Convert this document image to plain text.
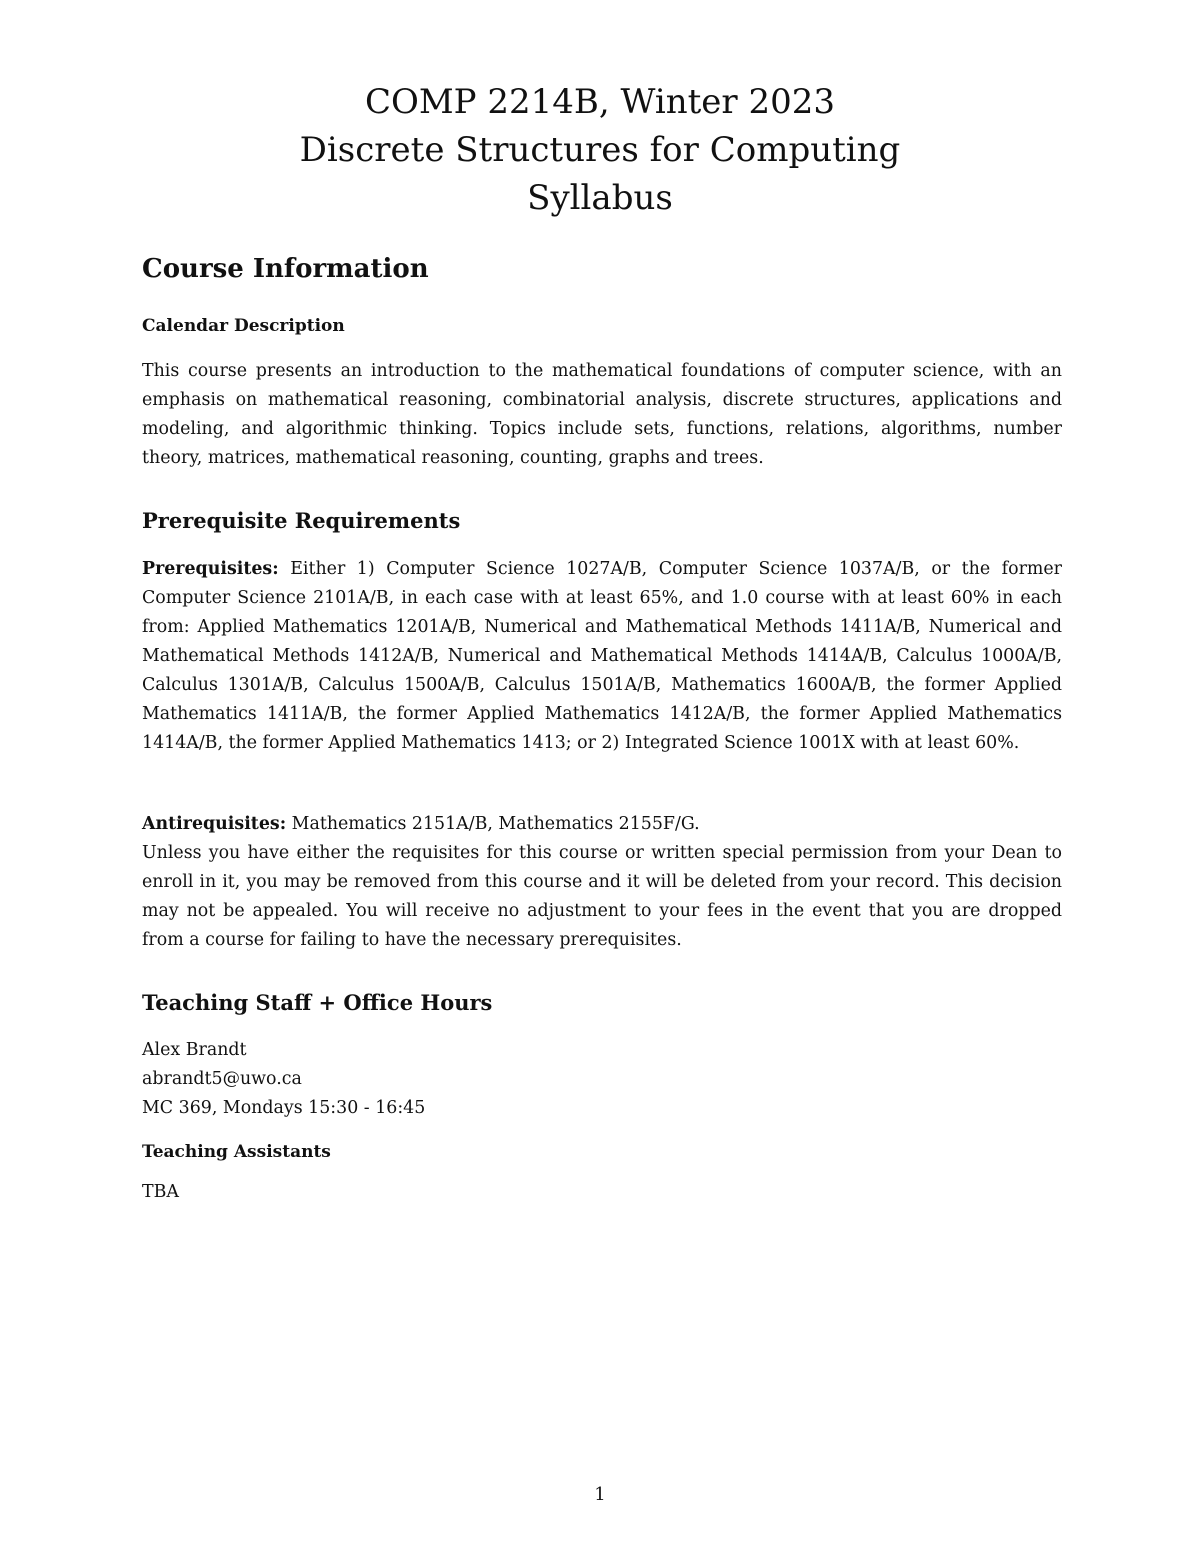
COMP 2214B, Winter 2023
Discrete Structures for Computing
Syllabus
Course Information
Calendar Description

This course presents an introduction to the mathematical foundations of computer science, with an emphasis on mathematical reasoning, combinatorial analysis, discrete structures, applications and modeling, and algorithmic thinking. Topics include sets, functions, relations, algorithms, number theory, matrices, mathematical reasoning, counting, graphs and trees.

Prerequisite Requirements

Prerequisites: Either 1) Computer Science 1027A/B, Computer Science 1037A/B, or the former Computer Science 2101A/B, in each case with at least 65%, and 1.0 course with at least 60% in each from: Applied Mathematics 1201A/B, Numerical and Mathematical Methods 1411A/B, Numerical and Mathematical Methods 1412A/B, Numerical and Mathematical Methods 1414A/B, Calculus 1000A/B, Calculus 1301A/B, Calculus 1500A/B, Calculus 1501A/B, Mathematics 1600A/B, the former Applied Mathematics 1411A/B, the former Applied Mathematics 1412A/B, the former Applied Mathematics 1414A/B, the former Applied Mathematics 1413; or 2) Integrated Science 1001X with at least 60%.

Antirequisites: Mathematics 2151A/B, Mathematics 2155F/G.

Unless you have either the requisites for this course or written special permission from your Dean to enroll in it, you may be removed from this course and it will be deleted from your record. This decision may not be appealed. You will receive no adjustment to your fees in the event that you are dropped from a course for failing to have the necessary prerequisites.

Teaching Staff + Office Hours

Alex Brandt
abrandt5@uwo.ca
MC 369, Mondays 15:30 - 16:45

Teaching Assistants

TBA

1
